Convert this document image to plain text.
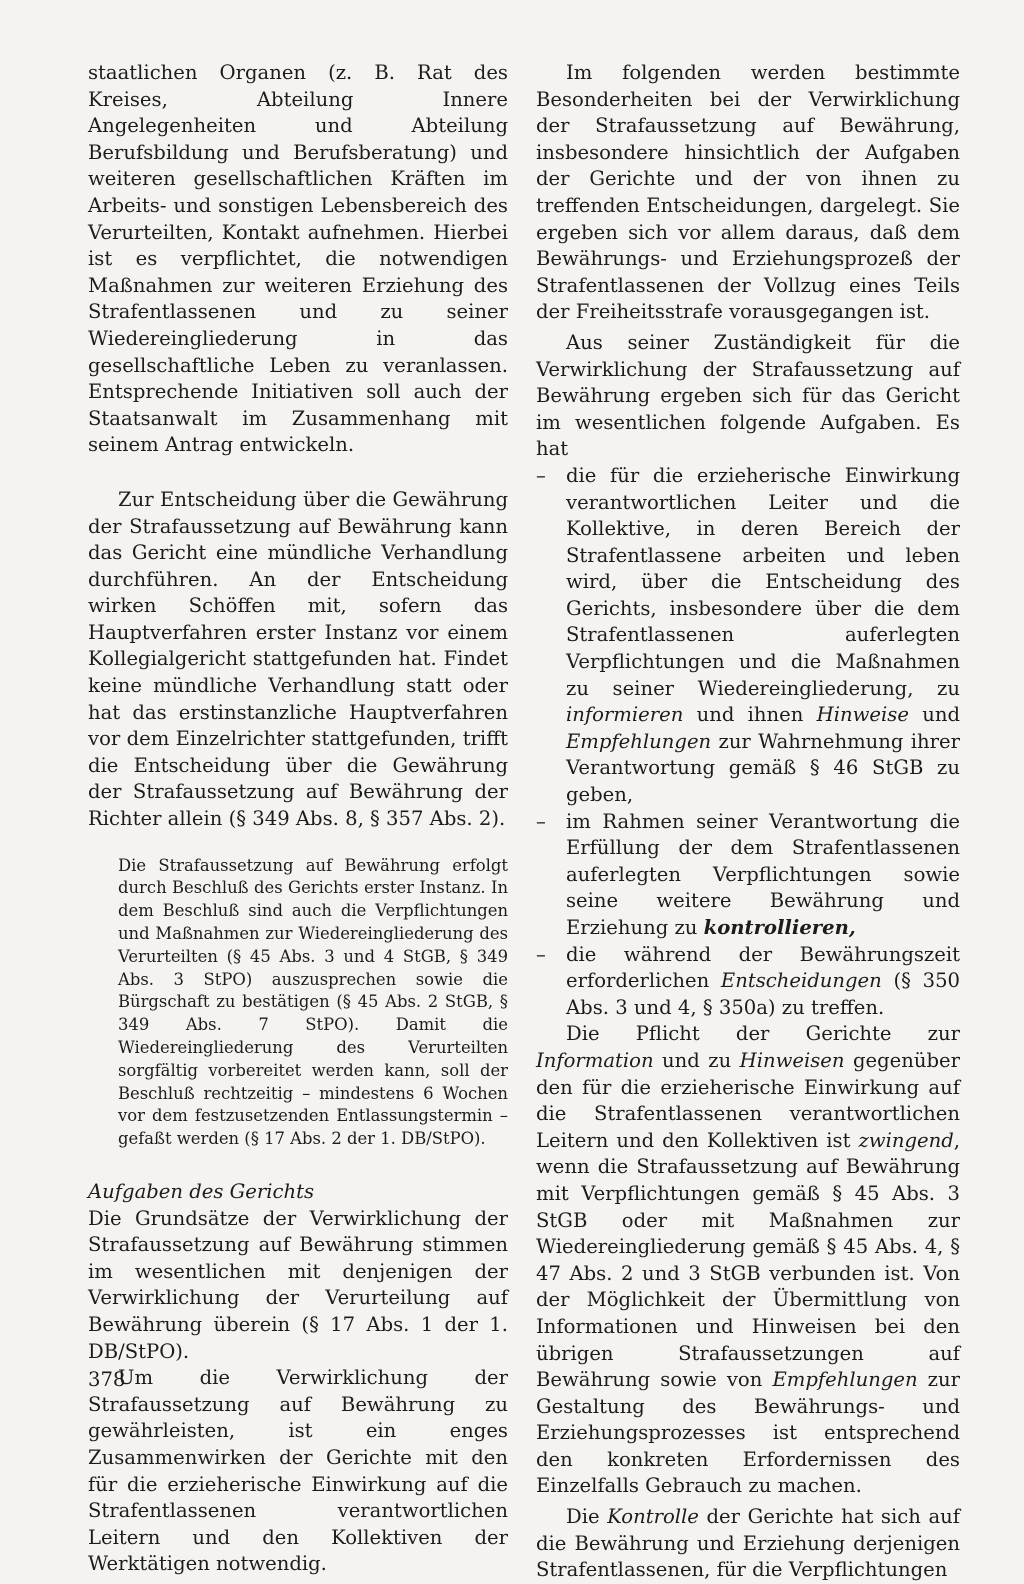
staatlichen Organen (z. B. Rat des Kreises, Abteilung Innere Angelegenheiten und Abteilung Berufsbildung und Berufsberatung) und weiteren gesellschaftlichen Kräften im Arbeits- und sonstigen Lebensbereich des Verurteilten, Kontakt aufnehmen. Hierbei ist es verpflichtet, die notwendigen Maßnahmen zur weiteren Erziehung des Strafentlassenen und zu seiner Wiedereingliederung in das gesellschaftliche Leben zu veranlassen. Entsprechende Initiativen soll auch der Staatsanwalt im Zusammenhang mit seinem Antrag entwickeln.

Zur Entscheidung über die Gewährung der Strafaussetzung auf Bewährung kann das Gericht eine mündliche Verhandlung durchführen. An der Entscheidung wirken Schöffen mit, sofern das Hauptverfahren erster Instanz vor einem Kollegialgericht stattgefunden hat. Findet keine mündliche Verhandlung statt oder hat das erstinstanzliche Hauptverfahren vor dem Einzelrichter stattgefunden, trifft die Entscheidung über die Gewährung der Strafaussetzung auf Bewährung der Richter allein (§ 349 Abs. 8, § 357 Abs. 2).

Die Strafaussetzung auf Bewährung erfolgt durch Beschluß des Gerichts erster Instanz. In dem Beschluß sind auch die Verpflichtungen und Maßnahmen zur Wiedereingliederung des Verurteilten (§ 45 Abs. 3 und 4 StGB, § 349 Abs. 3 StPO) auszusprechen sowie die Bürgschaft zu bestätigen (§ 45 Abs. 2 StGB, § 349 Abs. 7 StPO). Damit die Wiedereingliederung des Verurteilten sorgfältig vorbereitet werden kann, soll der Beschluß rechtzeitig – mindestens 6 Wochen vor dem festzusetzenden Entlassungstermin – gefaßt werden (§ 17 Abs. 2 der 1. DB/StPO).

Aufgaben des Gerichts

Die Grundsätze der Verwirklichung der Strafaussetzung auf Bewährung stimmen im wesentlichen mit denjenigen der Verwirklichung der Verurteilung auf Bewährung überein (§ 17 Abs. 1 der 1. DB/StPO).

Um die Verwirklichung der Strafaussetzung auf Bewährung zu gewährleisten, ist ein enges Zusammenwirken der Gerichte mit den für die erzieherische Einwirkung auf die Strafentlassenen verantwortlichen Leitern und den Kollektiven der Werktätigen notwendig.

Im folgenden werden bestimmte Besonderheiten bei der Verwirklichung der Strafaussetzung auf Bewährung, insbesondere hinsichtlich der Aufgaben der Gerichte und der von ihnen zu treffenden Entscheidungen, dargelegt. Sie ergeben sich vor allem daraus, daß dem Bewährungs- und Erziehungsprozeß der Strafentlassenen der Vollzug eines Teils der Freiheitsstrafe vorausgegangen ist.

Aus seiner Zuständigkeit für die Verwirklichung der Strafaussetzung auf Bewährung ergeben sich für das Gericht im wesentlichen folgende Aufgaben. Es hat

– die für die erzieherische Einwirkung verantwortlichen Leiter und die Kollektive, in deren Bereich der Strafentlassene arbeiten und leben wird, über die Entscheidung des Gerichts, insbesondere über die dem Strafentlassenen auferlegten Verpflichtungen und die Maßnahmen zu seiner Wiedereingliederung, zu informieren und ihnen Hinweise und Empfehlungen zur Wahrnehmung ihrer Verantwortung gemäß § 46 StGB zu geben,
– im Rahmen seiner Verantwortung die Erfüllung der dem Strafentlassenen auferlegten Verpflichtungen sowie seine weitere Bewährung und Erziehung zu kontrollieren,
– die während der Bewährungszeit erforderlichen Entscheidungen (§ 350 Abs. 3 und 4, § 350a) zu treffen.

Die Pflicht der Gerichte zur Information und zu Hinweisen gegenüber den für die erzieherische Einwirkung auf die Strafentlassenen verantwortlichen Leitern und den Kollektiven ist zwingend, wenn die Strafaussetzung auf Bewährung mit Verpflichtungen gemäß § 45 Abs. 3 StGB oder mit Maßnahmen zur Wiedereingliederung gemäß § 45 Abs. 4, § 47 Abs. 2 und 3 StGB verbunden ist. Von der Möglichkeit der Übermittlung von Informationen und Hinweisen bei den übrigen Strafaussetzungen auf Bewährung sowie von Empfehlungen zur Gestaltung des Bewährungs- und Erziehungsprozesses ist entsprechend den konkreten Erfordernissen des Einzelfalls Gebrauch zu machen.

Die Kontrolle der Gerichte hat sich auf die Bewährung und Erziehung derjenigen Strafentlassenen, für die Verpflichtungen

378
